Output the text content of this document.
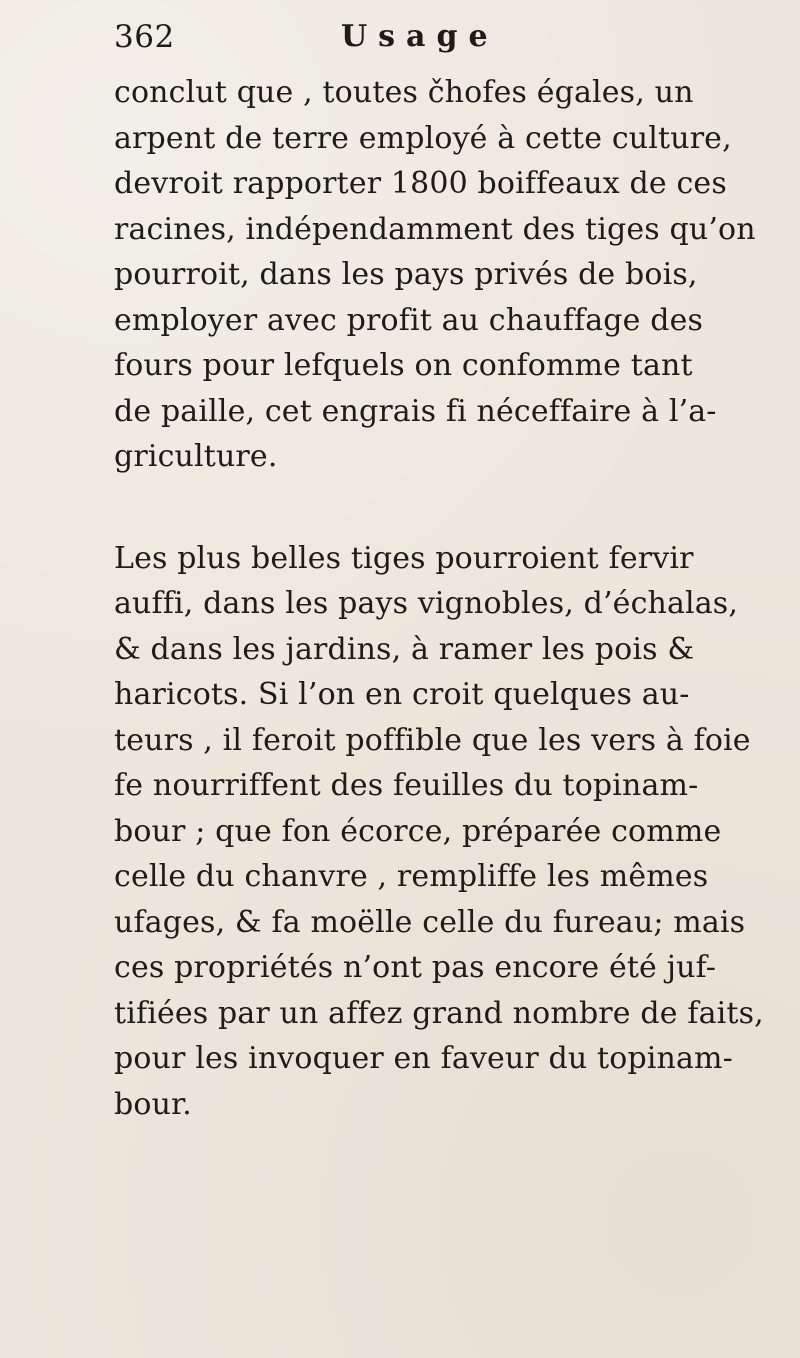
362	Usage
conclut que , toutes čhofes égales, un
arpent de terre employé à cette culture,
devroit rapporter 1800 boiffeaux de ces
racines, indépendamment des tiges qu’on
pourroit, dans les pays privés de bois,
employer avec profit au chauffage des
fours pour lefquels on confomme tant
de paille, cet engrais fi néceffaire à l’a-
griculture.
Les plus belles tiges pourroient fervir
auffi, dans les pays vignobles, d’échalas,
& dans les jardins, à ramer les pois &
haricots. Si l’on en croit quelques au-
teurs , il feroit poffible que les vers à foie
fe nourriffent des feuilles du topinam-
bour ; que fon écorce, préparée comme
celle du chanvre , rempliffe les mêmes
ufages, & fa moëlle celle du fureau; mais
ces propriétés n’ont pas encore été juf-
tifiées par un affez grand nombre de faits,
pour les invoquer en faveur du topinam-
bour.
